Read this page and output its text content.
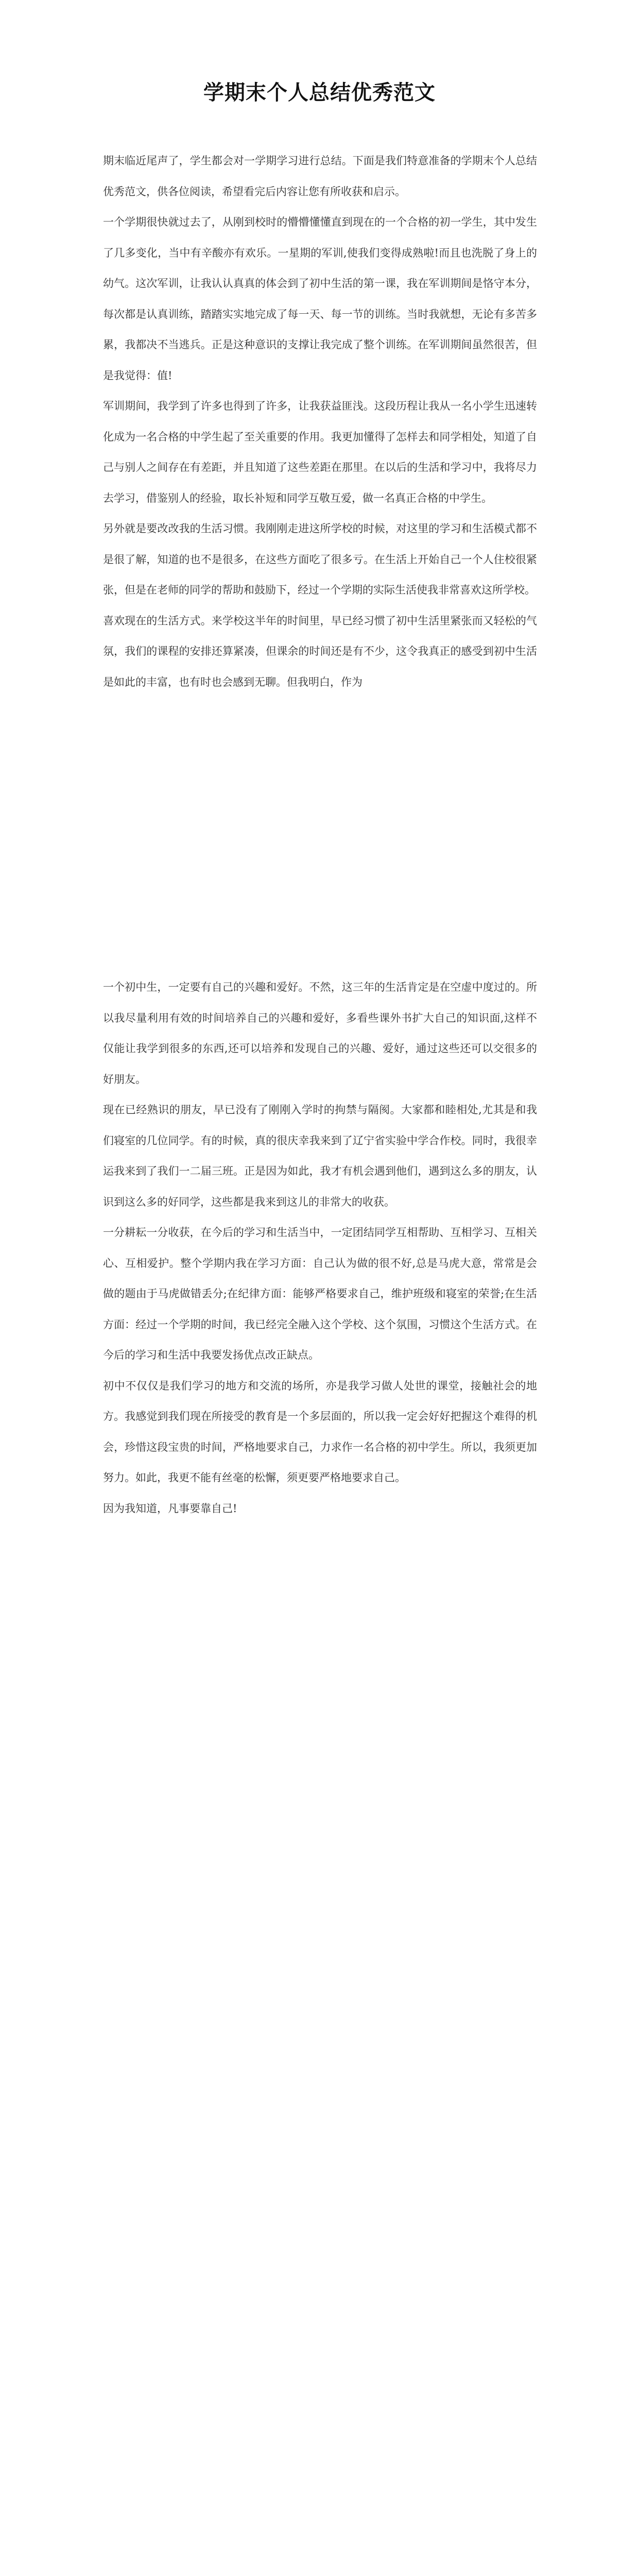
学期末个人总结优秀范文

期末临近尾声了，学生都会对一学期学习进行总结。下面是我们特意准备的学期末个人总结优秀范文，供各位阅读，希望看完后内容让您有所收获和启示。

一个学期很快就过去了，从刚到校时的懵懵懂懂直到现在的一个合格的初一学生，其中发生了几多变化，当中有辛酸亦有欢乐。一星期的军训,使我们变得成熟啦!而且也洗脱了身上的幼气。这次军训，让我认认真真的体会到了初中生活的第一课，我在军训期间是恪守本分，每次都是认真训练，踏踏实实地完成了每一天、每一节的训练。当时我就想，无论有多苦多累，我都决不当逃兵。正是这种意识的支撑让我完成了整个训练。在军训期间虽然很苦，但是我觉得：值!

军训期间，我学到了许多也得到了许多，让我获益匪浅。这段历程让我从一名小学生迅速转化成为一名合格的中学生起了至关重要的作用。我更加懂得了怎样去和同学相处，知道了自己与别人之间存在有差距，并且知道了这些差距在那里。在以后的生活和学习中，我将尽力去学习，借鉴别人的经验，取长补短和同学互敬互爱，做一名真正合格的中学生。

另外就是要改改我的生活习惯。我刚刚走进这所学校的时候，对这里的学习和生活模式都不是很了解，知道的也不是很多，在这些方面吃了很多亏。在生活上开始自己一个人住校很紧张，但是在老师的同学的帮助和鼓励下，经过一个学期的实际生活使我非常喜欢这所学校。

喜欢现在的生活方式。来学校这半年的时间里，早已经习惯了初中生活里紧张而又轻松的气氛，我们的课程的安排还算紧凑，但课余的时间还是有不少，这令我真正的感受到初中生活是如此的丰富，也有时也会感到无聊。但我明白，作为

一个初中生，一定要有自己的兴趣和爱好。不然，这三年的生活肯定是在空虚中度过的。所以我尽量利用有效的时间培养自己的兴趣和爱好，多看些课外书扩大自己的知识面,这样不仅能让我学到很多的东西,还可以培养和发现自己的兴趣、爱好，通过这些还可以交很多的好朋友。

现在已经熟识的朋友，早已没有了刚刚入学时的拘禁与隔阂。大家都和睦相处,尤其是和我们寝室的几位同学。有的时候，真的很庆幸我来到了辽宁省实验中学合作校。同时，我很幸运我来到了我们一二届三班。正是因为如此，我才有机会遇到他们，遇到这么多的朋友，认识到这么多的好同学，这些都是我来到这儿的非常大的收获。

一分耕耘一分收获，在今后的学习和生活当中，一定团结同学互相帮助、互相学习、互相关心、互相爱护。整个学期内我在学习方面：自己认为做的很不好,总是马虎大意，常常是会做的题由于马虎做错丢分;在纪律方面：能够严格要求自己，维护班级和寝室的荣誉;在生活方面：经过一个学期的时间，我已经完全融入这个学校、这个氛围，习惯这个生活方式。在今后的学习和生活中我要发扬优点改正缺点。

初中不仅仅是我们学习的地方和交流的场所，亦是我学习做人处世的课堂，接触社会的地方。我感觉到我们现在所接受的教育是一个多层面的，所以我一定会好好把握这个难得的机会，珍惜这段宝贵的时间，严格地要求自己，力求作一名合格的初中学生。所以，我须更加努力。如此，我更不能有丝毫的松懈，须更要严格地要求自己。

因为我知道，凡事要靠自己!
